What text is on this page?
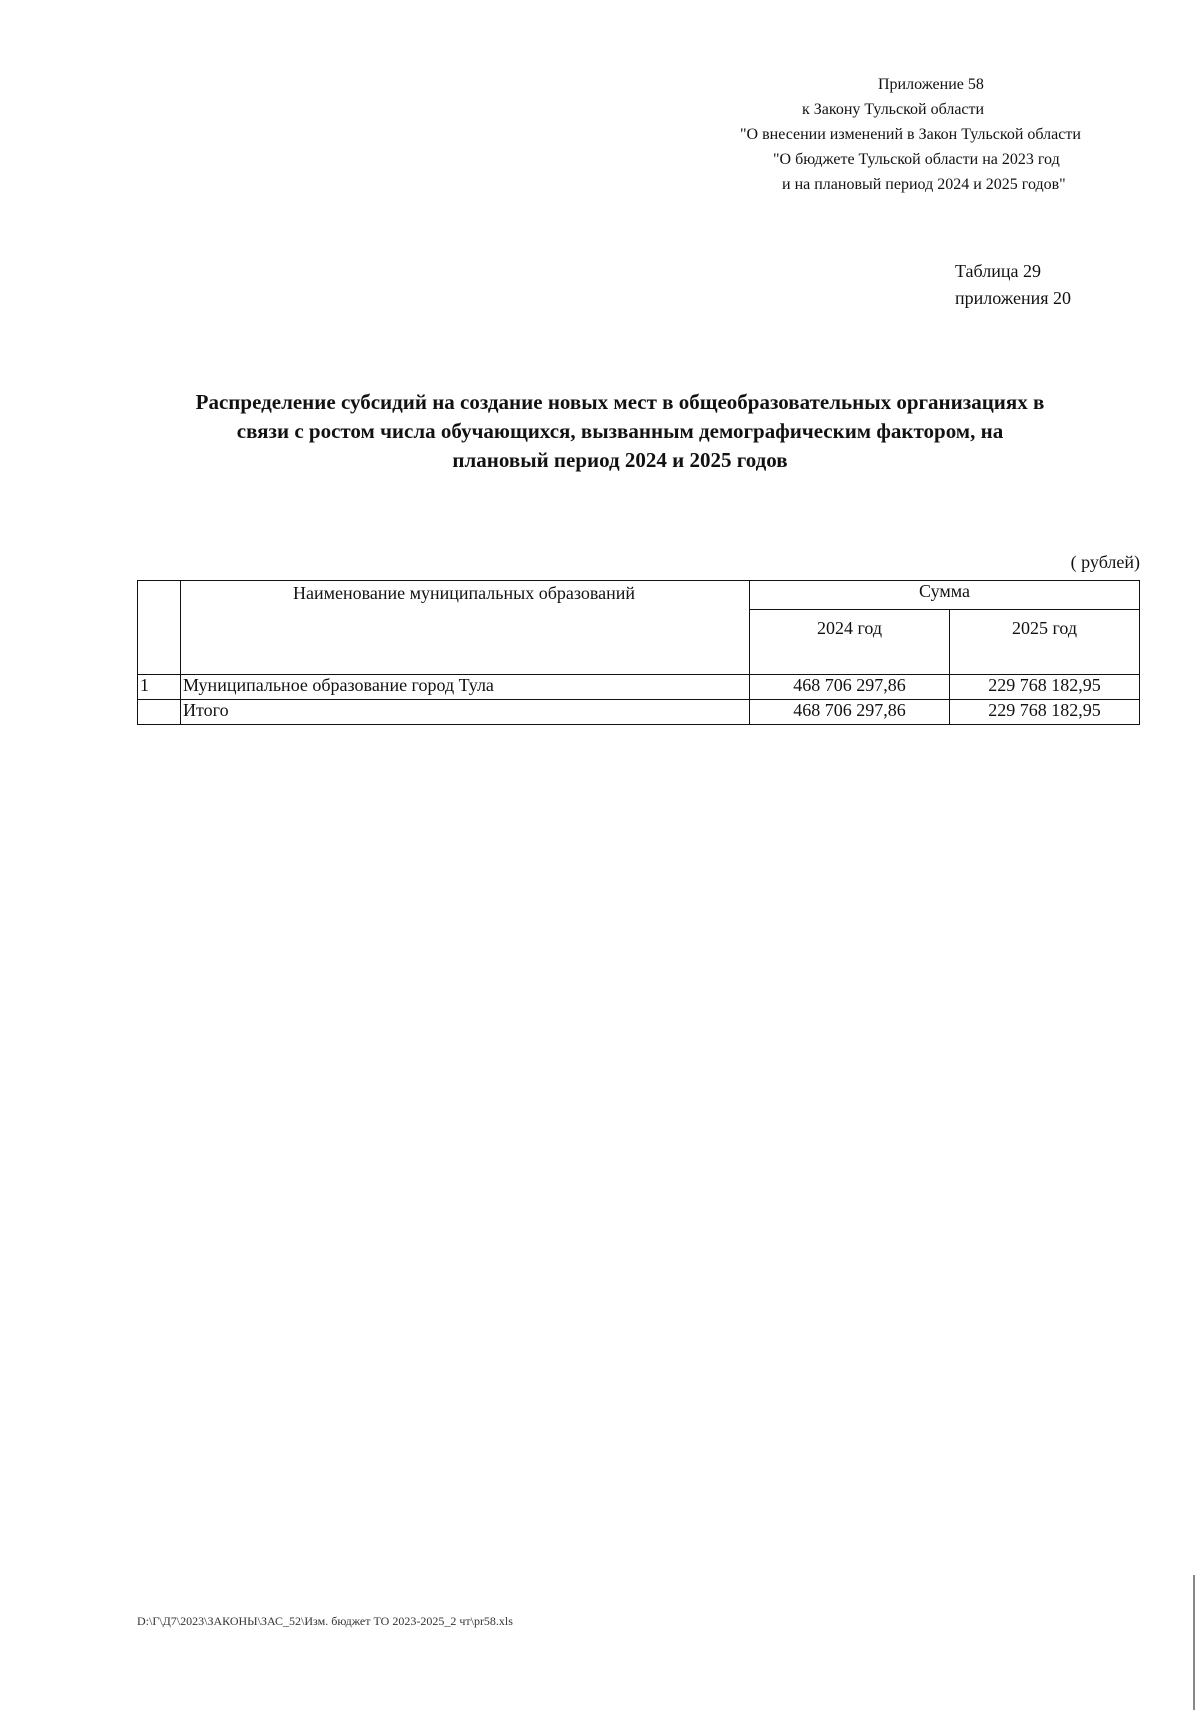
Приложение 58
к Закону Тульской области
"О внесении изменений в Закон Тульской области
"О бюджете Тульской области на 2023 год
и на плановый период 2024 и 2025 годов"
Таблица 29
приложения 20
Распределение субсидий на создание новых мест в общеобразовательных организациях в
связи с ростом числа обучающихся, вызванным демографическим фактором, на
плановый период 2024 и 2025 годов
( рублей)
	Наименование муниципальных образований	Сумма	
		2024 год	2025 год
1	Муниципальное образование город Тула	468 706 297,86	229 768 182,95
	Итого	468 706 297,86	229 768 182,95
D:\Г\Д7\2023\ЗАКОНЫ\ЗАС_52\Изм. бюджет ТО 2023-2025_2 чт\pr58.xls
